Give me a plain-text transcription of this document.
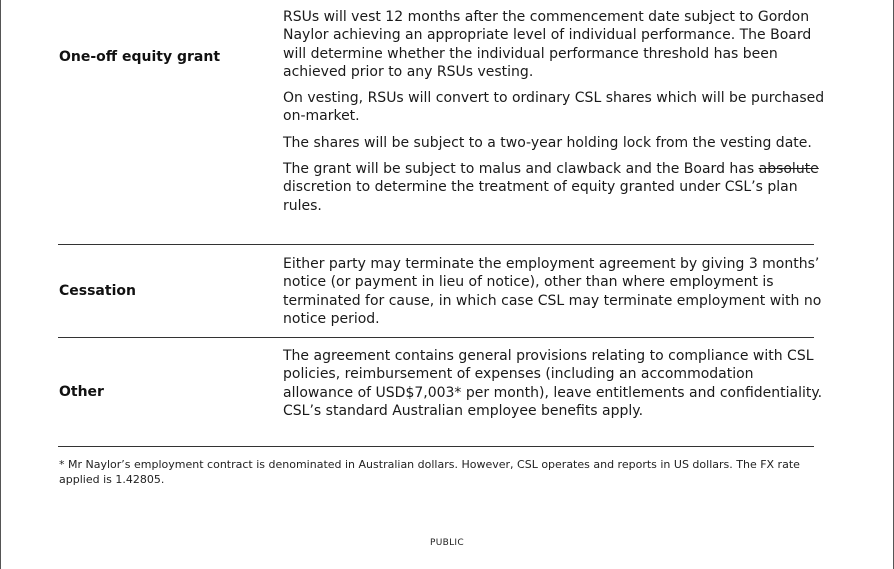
One-off equity grant

RSUs will vest 12 months after the commencement date subject to Gordon Naylor achieving an appropriate level of individual performance. The Board will determine whether the individual performance threshold has been achieved prior to any RSUs vesting.

On vesting, RSUs will convert to ordinary CSL shares which will be purchased on-market.

The shares will be subject to a two-year holding lock from the vesting date.

The grant will be subject to malus and clawback and the Board has absolute discretion to determine the treatment of equity granted under CSL’s plan rules.

Cessation

Either party may terminate the employment agreement by giving 3 months’ notice (or payment in lieu of notice), other than where employment is terminated for cause, in which case CSL may terminate employment with no notice period.

Other

The agreement contains general provisions relating to compliance with CSL policies, reimbursement of expenses (including an accommodation allowance of USD$7,003* per month), leave entitlements and confidentiality. CSL’s standard Australian employee benefits apply.

* Mr Naylor’s employment contract is denominated in Australian dollars. However, CSL operates and reports in US dollars. The FX rate applied is 1.42805.

PUBLIC
